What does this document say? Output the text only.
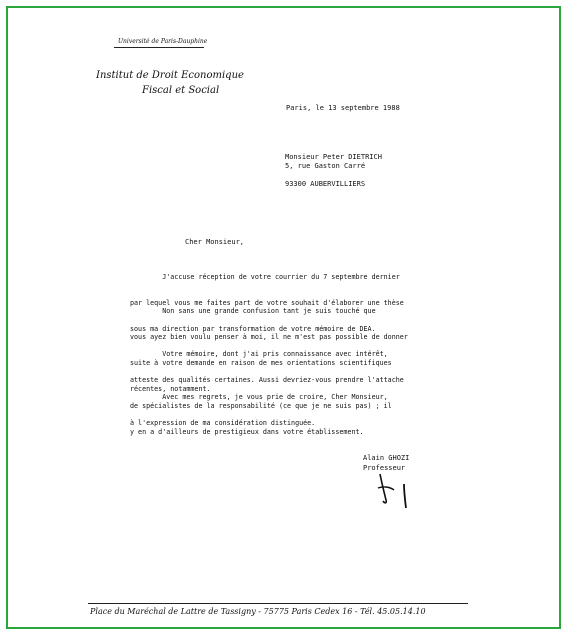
Université de Paris-Dauphine
Institut de Droit Economique
Fiscal et Social
Paris, le 13 septembre 1988
Monsieur Peter DIETRICH
5, rue Gaston Carré
93300 AUBERVILLIERS
Cher Monsieur,

J'accuse réception de votre courrier du 7 septembre dernier

par lequel vous me faites part de votre souhait d'élaborer une thèse

sous ma direction par transformation de votre mémoire de DEA.

Non sans une grande confusion tant je suis touché que

vous ayez bien voulu penser à moi, il ne m'est pas possible de donner

suite à votre demande en raison de mes orientations scientifiques

récentes, notamment.

Votre mémoire, dont j'ai pris connaissance avec intérêt,

atteste des qualités certaines. Aussi devriez-vous prendre l'attache

de spécialistes de la responsabilité (ce que je ne suis pas) ; il

y en a d'ailleurs de prestigieux dans votre établissement.

Avec mes regrets, je vous prie de croire, Cher Monsieur,

à l'expression de ma considération distinguée.

Alain GHOZI
Professeur
Place du Maréchal de Lattre de Tassigny - 75775 Paris Cedex 16 - Tél. 45.05.14.10
